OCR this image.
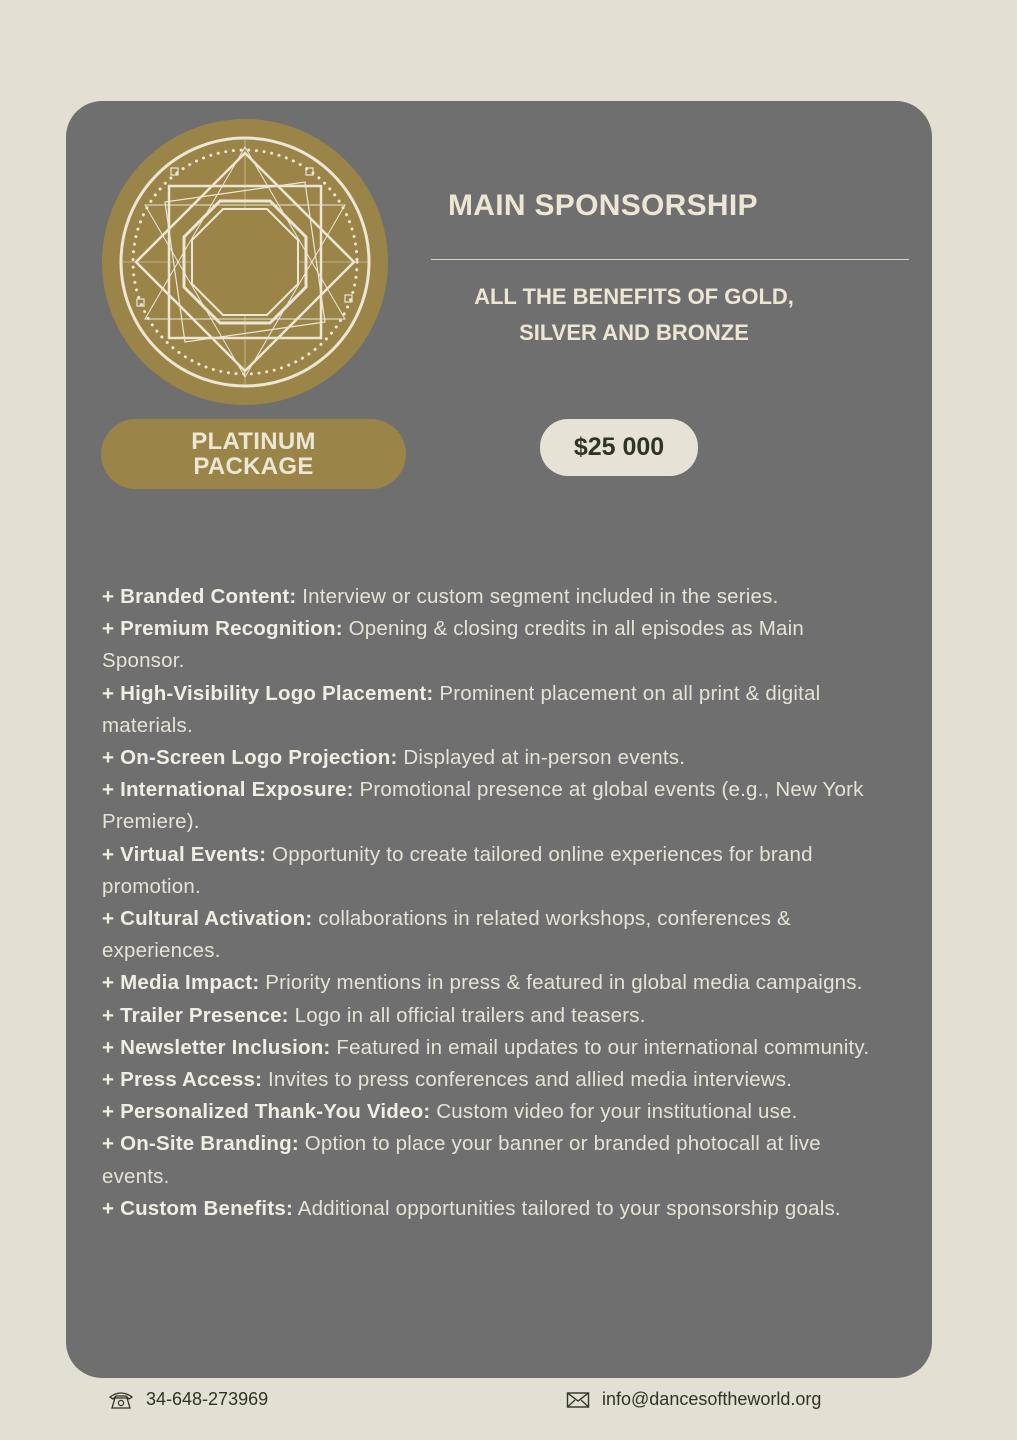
PLATINUM
PACKAGE
MAIN SPONSORSHIP
ALL THE BENEFITS OF GOLD,
SILVER AND BRONZE
$25 000

+ Branded Content: Interview or custom segment included in the series.

+ Premium Recognition: Opening & closing credits in all episodes as Main Sponsor.

+ High-Visibility Logo Placement: Prominent placement on all print & digital materials.

+ On-Screen Logo Projection: Displayed at in-person events.

+ International Exposure: Promotional presence at global events (e.g., New York Premiere).

+ Virtual Events: Opportunity to create tailored online experiences for brand promotion.

+ Cultural Activation: collaborations in related workshops, conferences & experiences.

+ Media Impact: Priority mentions in press & featured in global media campaigns.

+ Trailer Presence: Logo in all official trailers and teasers.

+ Newsletter Inclusion: Featured in email updates to our international community.

+ Press Access: Invites to press conferences and allied media interviews.

+ Personalized Thank-You Video: Custom video for your institutional use.

+ On-Site Branding: Option to place your banner or branded photocall at live events.

+ Custom Benefits: Additional opportunities tailored to your sponsorship goals.

34-648-273969	info@dancesoftheworld.org
